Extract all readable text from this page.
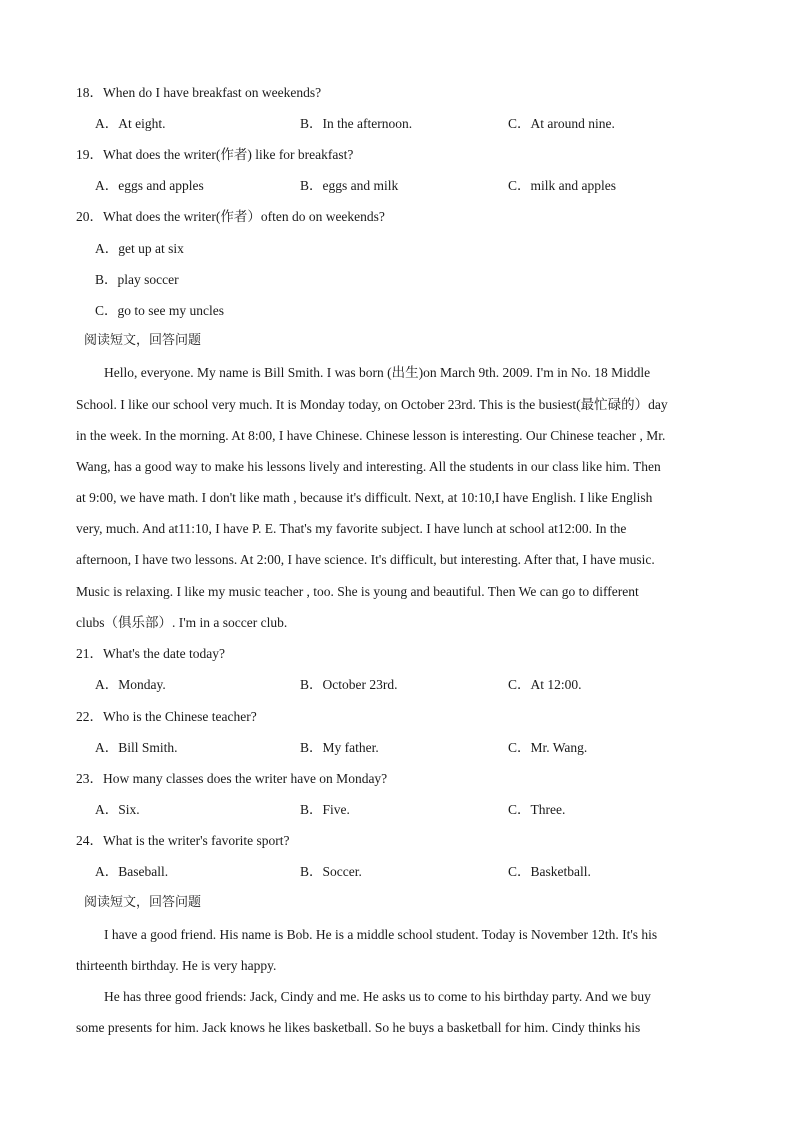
18．When do I have breakfast on weekends?
A．At eight.	B．In the afternoon.	C．At around nine.
19．What does the writer(作者) like for breakfast?
A．eggs and apples	B．eggs and milk	C．milk and apples
20．What does the writer(作者）often do on weekends?
A．get up at six
B．play soccer
C．go to see my uncles
阅读短文，回答问题
Hello, everyone. My name is Bill Smith. I was born (出生)on March 9th. 2009. I'm in No. 18 Middle
School. I like our school very much. It is Monday today, on October 23rd. This is the busiest(最忙碌的）day
in the week. In the morning. At 8:00, I have Chinese. Chinese lesson is interesting. Our Chinese teacher , Mr.
Wang, has a good way to make his lessons lively and interesting. All the students in our class like him. Then
at 9:00, we have math. I don't like math , because it's difficult. Next, at 10:10,I have English. I like English
very, much. And at11:10, I have P. E. That's my favorite subject. I have lunch at school at12:00. In the
afternoon, I have two lessons. At 2:00, I have science. It's difficult, but interesting. After that, I have music.
Music is relaxing. I like my music teacher , too. She is young and beautiful. Then We can go to different
clubs（俱乐部）. I'm in a soccer club.
21．What's the date today?
A．Monday.	B．October 23rd.	C．At 12:00.
22．Who is the Chinese teacher?
A．Bill Smith.	B．My father.	C．Mr. Wang.
23．How many classes does the writer have on Monday?
A．Six.	B．Five.	C．Three.
24．What is the writer's favorite sport?
A．Baseball.	B．Soccer.	C．Basketball.
阅读短文，回答问题
I have a good friend. His name is Bob. He is a middle school student. Today is November 12th. It's his
thirteenth birthday. He is very happy.
He has three good friends: Jack, Cindy and me. He asks us to come to his birthday party. And we buy
some presents for him. Jack knows he likes basketball. So he buys a basketball for him. Cindy thinks his
